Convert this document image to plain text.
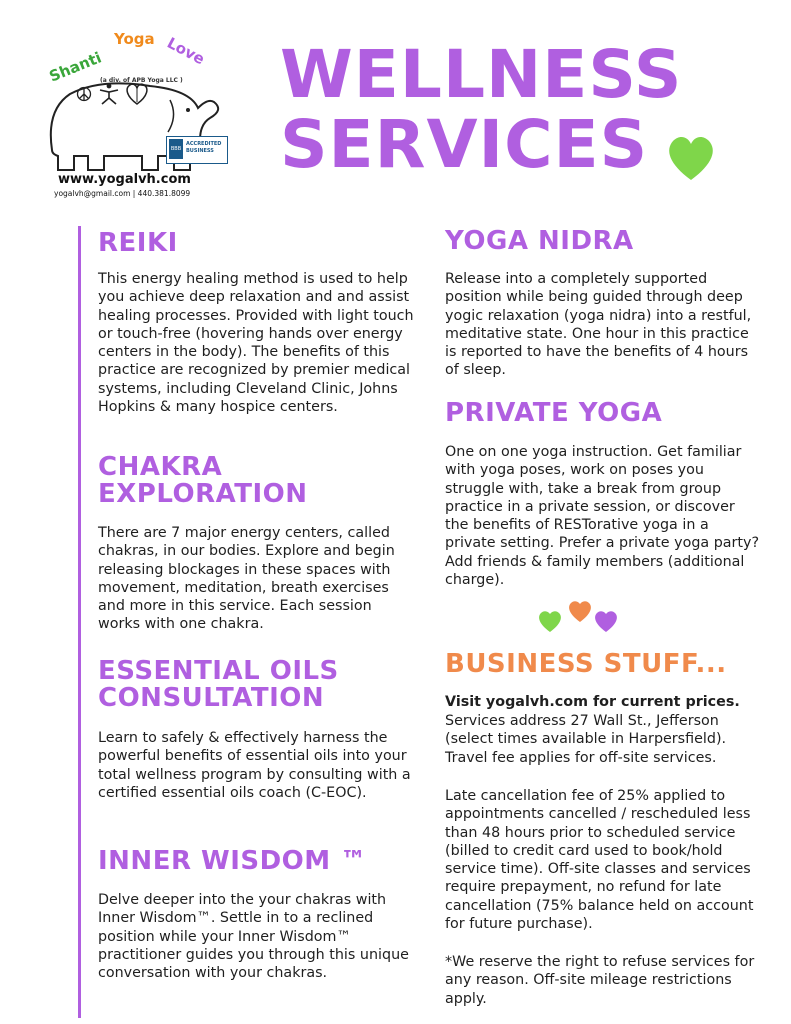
Shanti
Yoga Love
(a div. of APB Yoga LLC )
BBB
ACCREDITED BUSINESS
www.yogalvh.com
yogalvh@gmail.com | 440.381.8099
WELLNESS
SERVICES
REIKI
This energy healing method is used to help you achieve deep relaxation and and assist healing processes. Provided with light touch or touch-free (hovering hands over energy centers in the body). The benefits of this practice are recognized by premier medical systems, including Cleveland Clinic, Johns Hopkins & many hospice centers.
CHAKRA
EXPLORATION
There are 7 major energy centers, called chakras, in our bodies. Explore and begin releasing blockages in these spaces with movement, meditation, breath exercises and more in this service. Each session works with one chakra.
ESSENTIAL OILS
CONSULTATION
Learn to safely & effectively harness the powerful benefits of essential oils into your total wellness program by consulting with a certified essential oils coach (C-EOC).
INNER WISDOM ™
Delve deeper into the your chakras with Inner Wisdom™. Settle in to a reclined position while your Inner Wisdom™ practitioner guides you through this unique conversation with your chakras.
YOGA NIDRA
Release into a completely supported position while being guided through deep yogic relaxation (yoga nidra) into a restful, meditative state. One hour in this practice is reported to have the benefits of 4 hours of sleep.
PRIVATE YOGA
One on one yoga instruction. Get familiar with yoga poses, work on poses you struggle with, take a break from group practice in a private session, or discover the benefits of RESTorative yoga in a private setting. Prefer a private yoga party? Add friends & family members (additional charge).
BUSINESS STUFF...
Visit yogalvh.com for current prices.
Services address 27 Wall St., Jefferson (select times available in Harpersfield). Travel fee applies for off-site services.
Late cancellation fee of 25% applied to appointments cancelled / rescheduled less than 48 hours prior to scheduled service (billed to credit card used to book/hold service time). Off-site classes and services require prepayment, no refund for late cancellation (75% balance held on account for future purchase).
*We reserve the right to refuse services for any reason. Off-site mileage restrictions apply.
